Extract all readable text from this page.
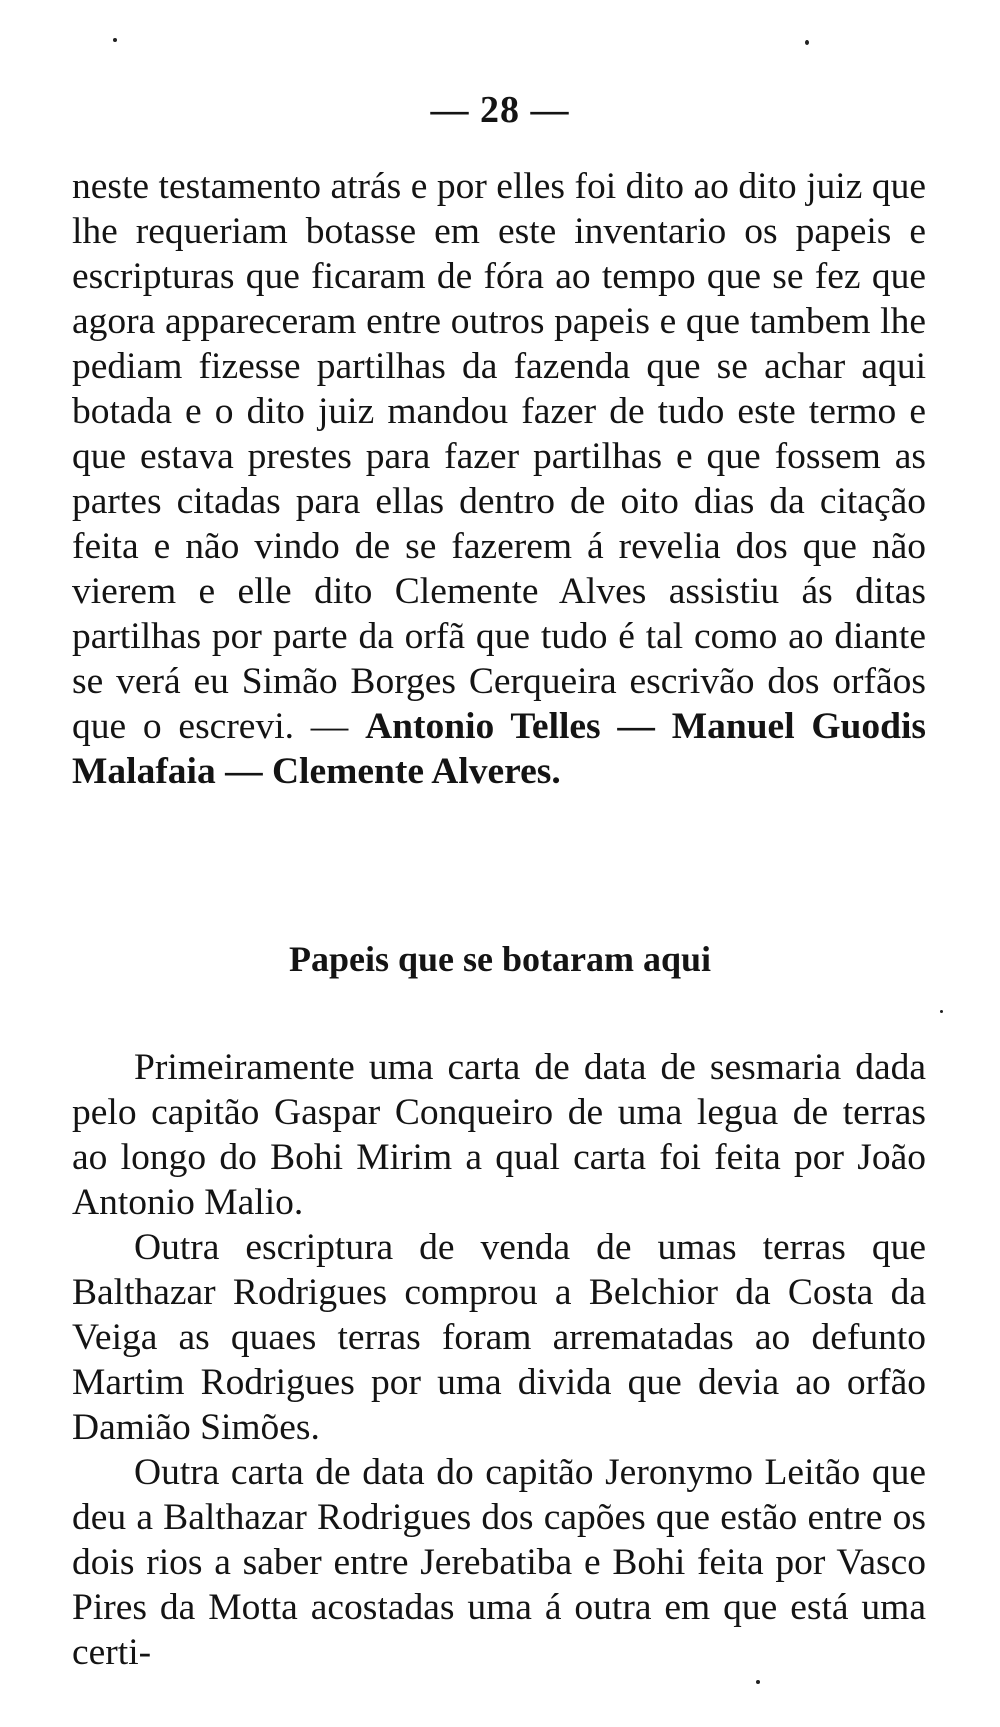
— 28 —

neste testamento atrás e por elles foi dito ao dito juiz que lhe requeriam botasse em este inventario os papeis e escripturas que ficaram de fóra ao tempo que se fez que agora appareceram entre outros papeis e que tambem lhe pediam fizesse partilhas da fazenda que se achar aqui botada e o dito juiz mandou fazer de tudo este termo e que estava prestes para fazer partilhas e que fossem as partes citadas para ellas dentro de oito dias da citação feita e não vindo de se fazerem á revelia dos que não vierem e elle dito Clemente Alves assistiu ás ditas partilhas por parte da orfã que tudo é tal como ao diante se verá eu Simão Borges Cerqueira escrivão dos orfãos que o escrevi. — Antonio Telles — Manuel Guodis Malafaia — Clemente Alveres.

Papeis que se botaram aqui

Primeiramente uma carta de data de sesmaria dada pelo capitão Gaspar Conqueiro de uma legua de terras ao longo do Bohi Mirim a qual carta foi feita por João Antonio Malio.

Outra escriptura de venda de umas terras que Balthazar Rodrigues comprou a Belchior da Costa da Veiga as quaes terras foram arrematadas ao defunto Martim Rodrigues por uma divida que devia ao orfão Damião Simões.

Outra carta de data do capitão Jeronymo Leitão que deu a Balthazar Rodrigues dos capões que estão entre os dois rios a saber entre Jerebatiba e Bohi feita por Vasco Pires da Motta acostadas uma á outra em que está uma certi-
